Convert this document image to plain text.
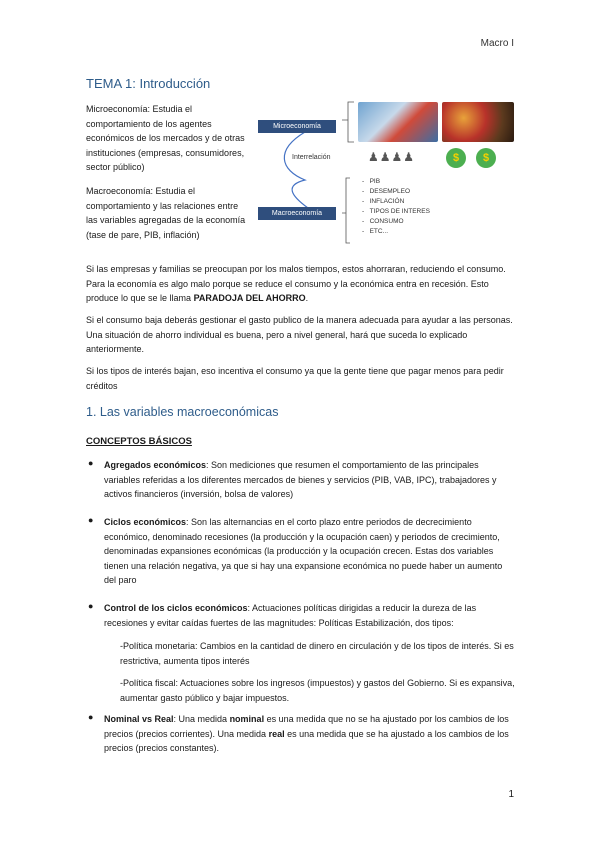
Macro I
TEMA 1: Introducción
Microeconomía: Estudia el comportamiento de los agentes económicos de los mercados y de otras instituciones (empresas, consumidores, sector público)
Macroeconomía: Estudia el comportamiento y las relaciones entre las variables agregadas de la economía (tase de pare, PIB, inflación)
Microeconomía
Macroeconomía
Interrelación	♟♟♟♟	$	$
- PIB
- DESEMPLEO
- INFLACIÓN
- TIPOS DE INTERES
- CONSUMO
- ETC...
Si las empresas y familias se preocupan por los malos tiempos, estos ahorraran, reduciendo el consumo. Para la economía es algo malo porque se reduce el consumo y la económica entra en recesión. Esto produce lo que se le llama PARADOJA DEL AHORRO.
Si el consumo baja deberás gestionar el gasto publico de la manera adecuada para ayudar a las personas. Una situación de ahorro individual es buena, pero a nivel general, hará que suceda lo explicado anteriormente.
Si los tipos de interés bajan, eso incentiva el consumo ya que la gente tiene que pagar menos para pedir créditos
1. Las variables macroeconómicas
CONCEPTOS BÁSICOS
● Agregados económicos: Son mediciones que resumen el comportamiento de las principales variables referidas a los diferentes mercados de bienes y servicios (PIB, VAB, IPC), trabajadores y activos financieros (inversión, bolsa de valores)
● Ciclos económicos: Son las alternancias en el corto plazo entre periodos de decrecimiento económico, denominado recesiones (la producción y la ocupación caen) y periodos de crecimiento, denominadas expansiones económicas (la producción y la ocupación crecen. Estas dos variables tienen una relación negativa, ya que si hay una expansione económica no puede haber un aumento del paro
● Control de los ciclos económicos: Actuaciones políticas dirigidas a reducir la dureza de las recesiones y evitar caídas fuertes de las magnitudes: Políticas Estabilización, dos tipos:
-Política monetaria: Cambios en la cantidad de dinero en circulación y de los tipos de interés. Si es restrictiva, aumenta tipos interés
-Política fiscal: Actuaciones sobre los ingresos (impuestos) y gastos del Gobierno. Si es expansiva, aumentar gasto público y bajar impuestos.
● Nominal vs Real: Una medida nominal es una medida que no se ha ajustado por los cambios de los precios (precios corrientes). Una medida real es una medida que se ha ajustado a los cambios de los precios (precios constantes).
1
